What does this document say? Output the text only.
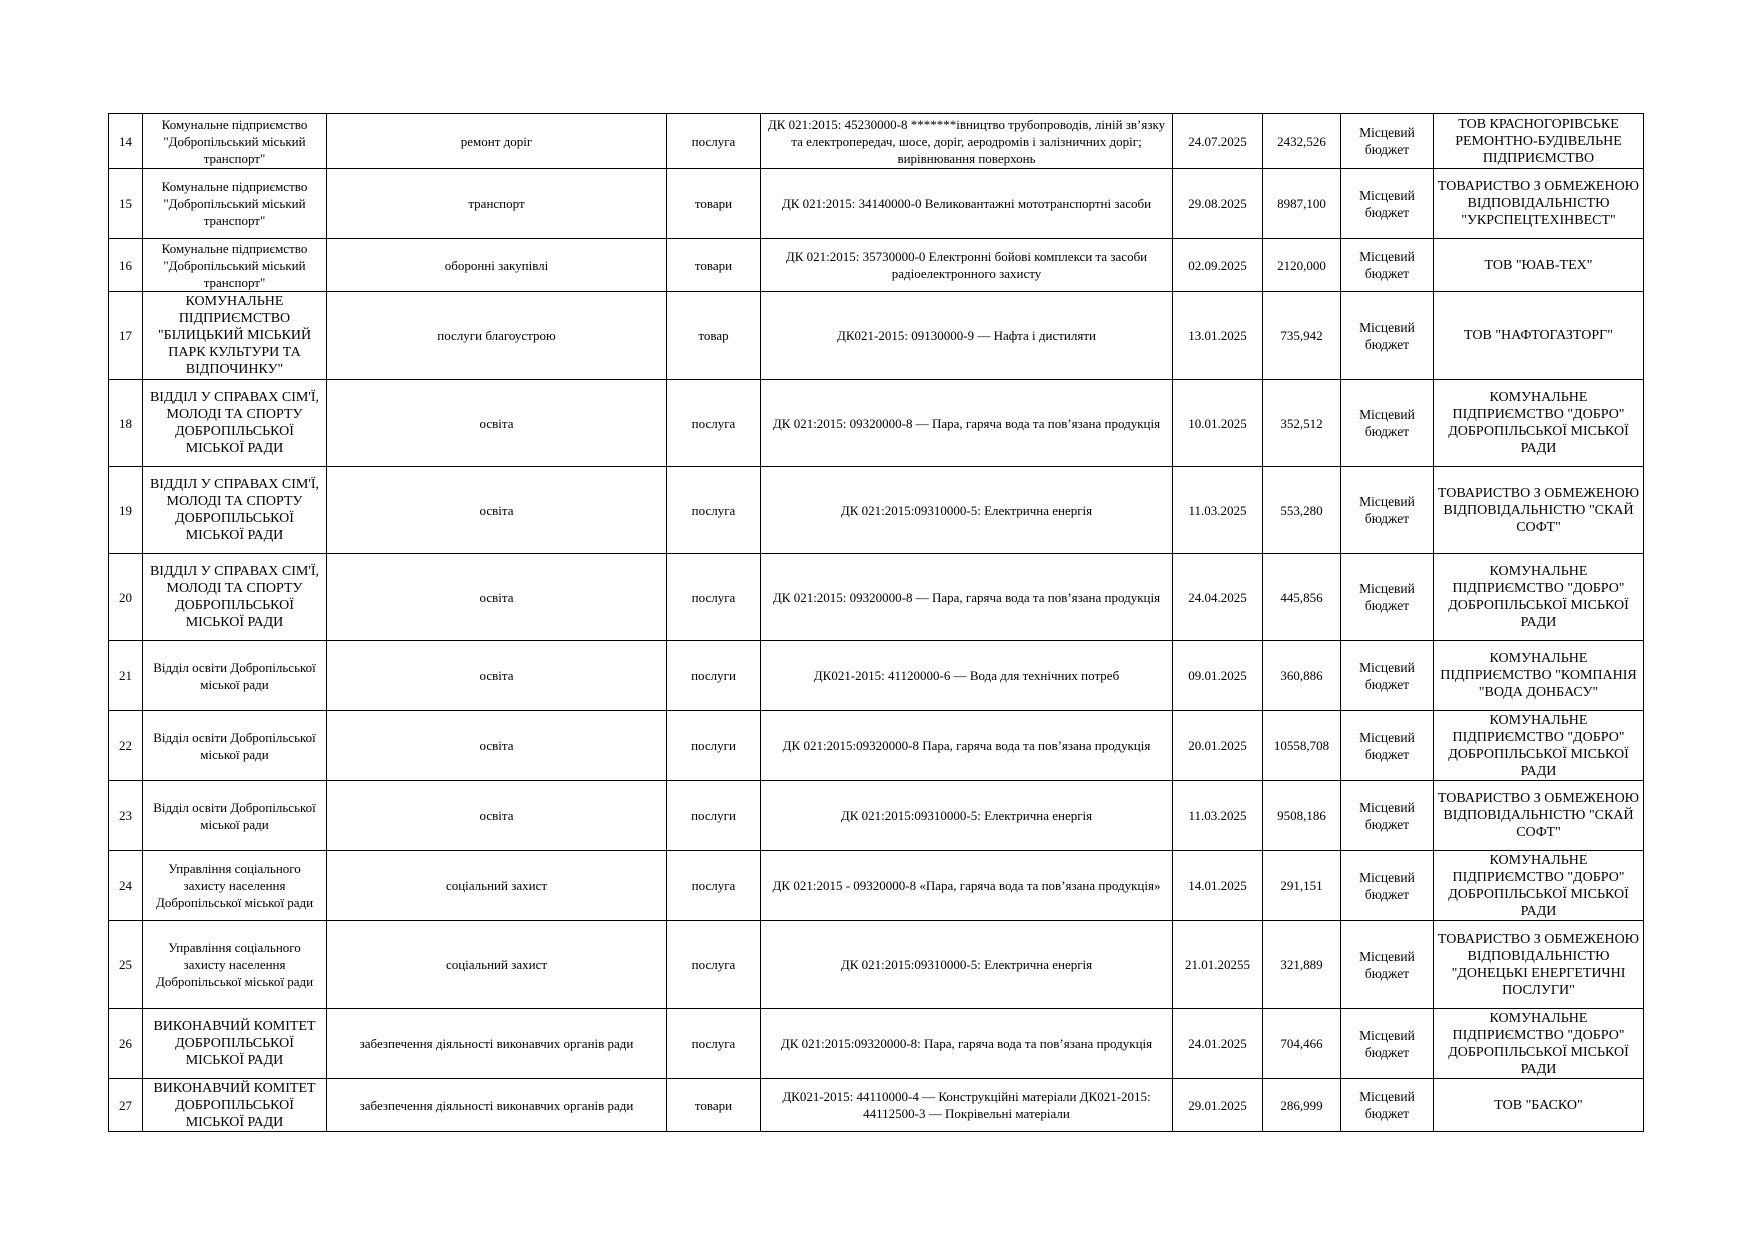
14	Комунальне підприємство "Добропільський міський транспорт"	ремонт доріг	послуга	ДК 021:2015: 45230000-8 *******івництво трубопроводів, ліній зв’язку та електропередач, шосе, доріг, аеродромів і залізничних доріг; вирівнювання поверхонь	24.07.2025	2432,526	Місцевий бюджет	ТОВ КРАСНОГОРІВСЬКЕ РЕМОНТНО-БУДІВЕЛЬНЕ ПІДПРИЄМСТВО
15	Комунальне підприємство "Добропільський міський транспорт"	транспорт	товари	ДК 021:2015: 34140000-0 Великовантажні мототранспортні засоби	29.08.2025	8987,100	Місцевий бюджет	ТОВАРИСТВО З ОБМЕЖЕНОЮ ВІДПОВІДАЛЬНІСТЮ "УКРСПЕЦТЕХІНВЕСТ"
16	Комунальне підприємство "Добропільський міський транспорт"	оборонні закупівлі	товари	ДК 021:2015: 35730000-0 Електронні бойові комплекси та засоби радіоелектронного захисту	02.09.2025	2120,000	Місцевий бюджет	ТОВ "ЮАВ-ТЕХ"
17	КОМУНАЛЬНЕ ПІДПРИЄМСТВО "БІЛИЦЬКИЙ МІСЬКИЙ ПАРК КУЛЬТУРИ ТА ВІДПОЧИНКУ"	послуги благоустрою	товар	ДК021-2015: 09130000-9 — Нафта і дистиляти	13.01.2025	735,942	Місцевий бюджет	ТОВ "НАФТОГАЗТОРГ"
18	ВІДДІЛ У СПРАВАХ СІМ'Ї, МОЛОДІ ТА СПОРТУ ДОБРОПІЛЬСЬКОЇ МІСЬКОЇ РАДИ	освіта	послуга	ДК 021:2015: 09320000-8 — Пара, гаряча вода та пов’язана продукція	10.01.2025	352,512	Місцевий бюджет	КОМУНАЛЬНЕ ПІДПРИЄМСТВО "ДОБРО" ДОБРОПІЛЬСЬКОЇ МІСЬКОЇ РАДИ
19	ВІДДІЛ У СПРАВАХ СІМ'Ї, МОЛОДІ ТА СПОРТУ ДОБРОПІЛЬСЬКОЇ МІСЬКОЇ РАДИ	освіта	послуга	ДК 021:2015:09310000-5: Електрична енергія	11.03.2025	553,280	Місцевий бюджет	ТОВАРИСТВО З ОБМЕЖЕНОЮ ВІДПОВІДАЛЬНІСТЮ "СКАЙ СОФТ"
20	ВІДДІЛ У СПРАВАХ СІМ'Ї, МОЛОДІ ТА СПОРТУ ДОБРОПІЛЬСЬКОЇ МІСЬКОЇ РАДИ	освіта	послуга	ДК 021:2015: 09320000-8 — Пара, гаряча вода та пов’язана продукція	24.04.2025	445,856	Місцевий бюджет	КОМУНАЛЬНЕ ПІДПРИЄМСТВО "ДОБРО" ДОБРОПІЛЬСЬКОЇ МІСЬКОЇ РАДИ
21	Відділ освіти Добропільської міської ради	освіта	послуги	ДК021-2015: 41120000-6 — Вода для технічних потреб	09.01.2025	360,886	Місцевий бюджет	КОМУНАЛЬНЕ ПІДПРИЄМСТВО "КОМПАНІЯ "ВОДА ДОНБАСУ"
22	Відділ освіти Добропільської міської ради	освіта	послуги	ДК 021:2015:09320000-8 Пара, гаряча вода та пов’язана продукція	20.01.2025	10558,708	Місцевий бюджет	КОМУНАЛЬНЕ ПІДПРИЄМСТВО "ДОБРО" ДОБРОПІЛЬСЬКОЇ МІСЬКОЇ РАДИ
23	Відділ освіти Добропільської міської ради	освіта	послуги	ДК 021:2015:09310000-5: Електрична енергія	11.03.2025	9508,186	Місцевий бюджет	ТОВАРИСТВО З ОБМЕЖЕНОЮ ВІДПОВІДАЛЬНІСТЮ "СКАЙ СОФТ"
24	Управління соціального захисту населення Добропільської міської ради	соціальний захист	послуга	ДК 021:2015 - 09320000-8 «Пара, гаряча вода та пов’язана продукція»	14.01.2025	291,151	Місцевий бюджет	КОМУНАЛЬНЕ ПІДПРИЄМСТВО "ДОБРО" ДОБРОПІЛЬСЬКОЇ МІСЬКОЇ РАДИ
25	Управління соціального захисту населення Добропільської міської ради	соціальний захист	послуга	ДК 021:2015:09310000-5: Електрична енергія	21.01.20255	321,889	Місцевий бюджет	ТОВАРИСТВО З ОБМЕЖЕНОЮ ВІДПОВІДАЛЬНІСТЮ "ДОНЕЦЬКІ ЕНЕРГЕТИЧНІ ПОСЛУГИ"
26	ВИКОНАВЧИЙ КОМІТЕТ ДОБРОПІЛЬСЬКОЇ МІСЬКОЇ РАДИ	забезпечення діяльності виконавчих органів ради	послуга	ДК 021:2015:09320000-8: Пара, гаряча вода та пов’язана продукція	24.01.2025	704,466	Місцевий бюджет	КОМУНАЛЬНЕ ПІДПРИЄМСТВО "ДОБРО" ДОБРОПІЛЬСЬКОЇ МІСЬКОЇ РАДИ
27	ВИКОНАВЧИЙ КОМІТЕТ ДОБРОПІЛЬСЬКОЇ МІСЬКОЇ РАДИ	забезпечення діяльності виконавчих органів ради	товари	ДК021-2015: 44110000-4 — Конструкційні матеріали ДК021-2015: 44112500-3 — Покрівельні матеріали	29.01.2025	286,999	Місцевий бюджет	ТОВ "БАСКО"
